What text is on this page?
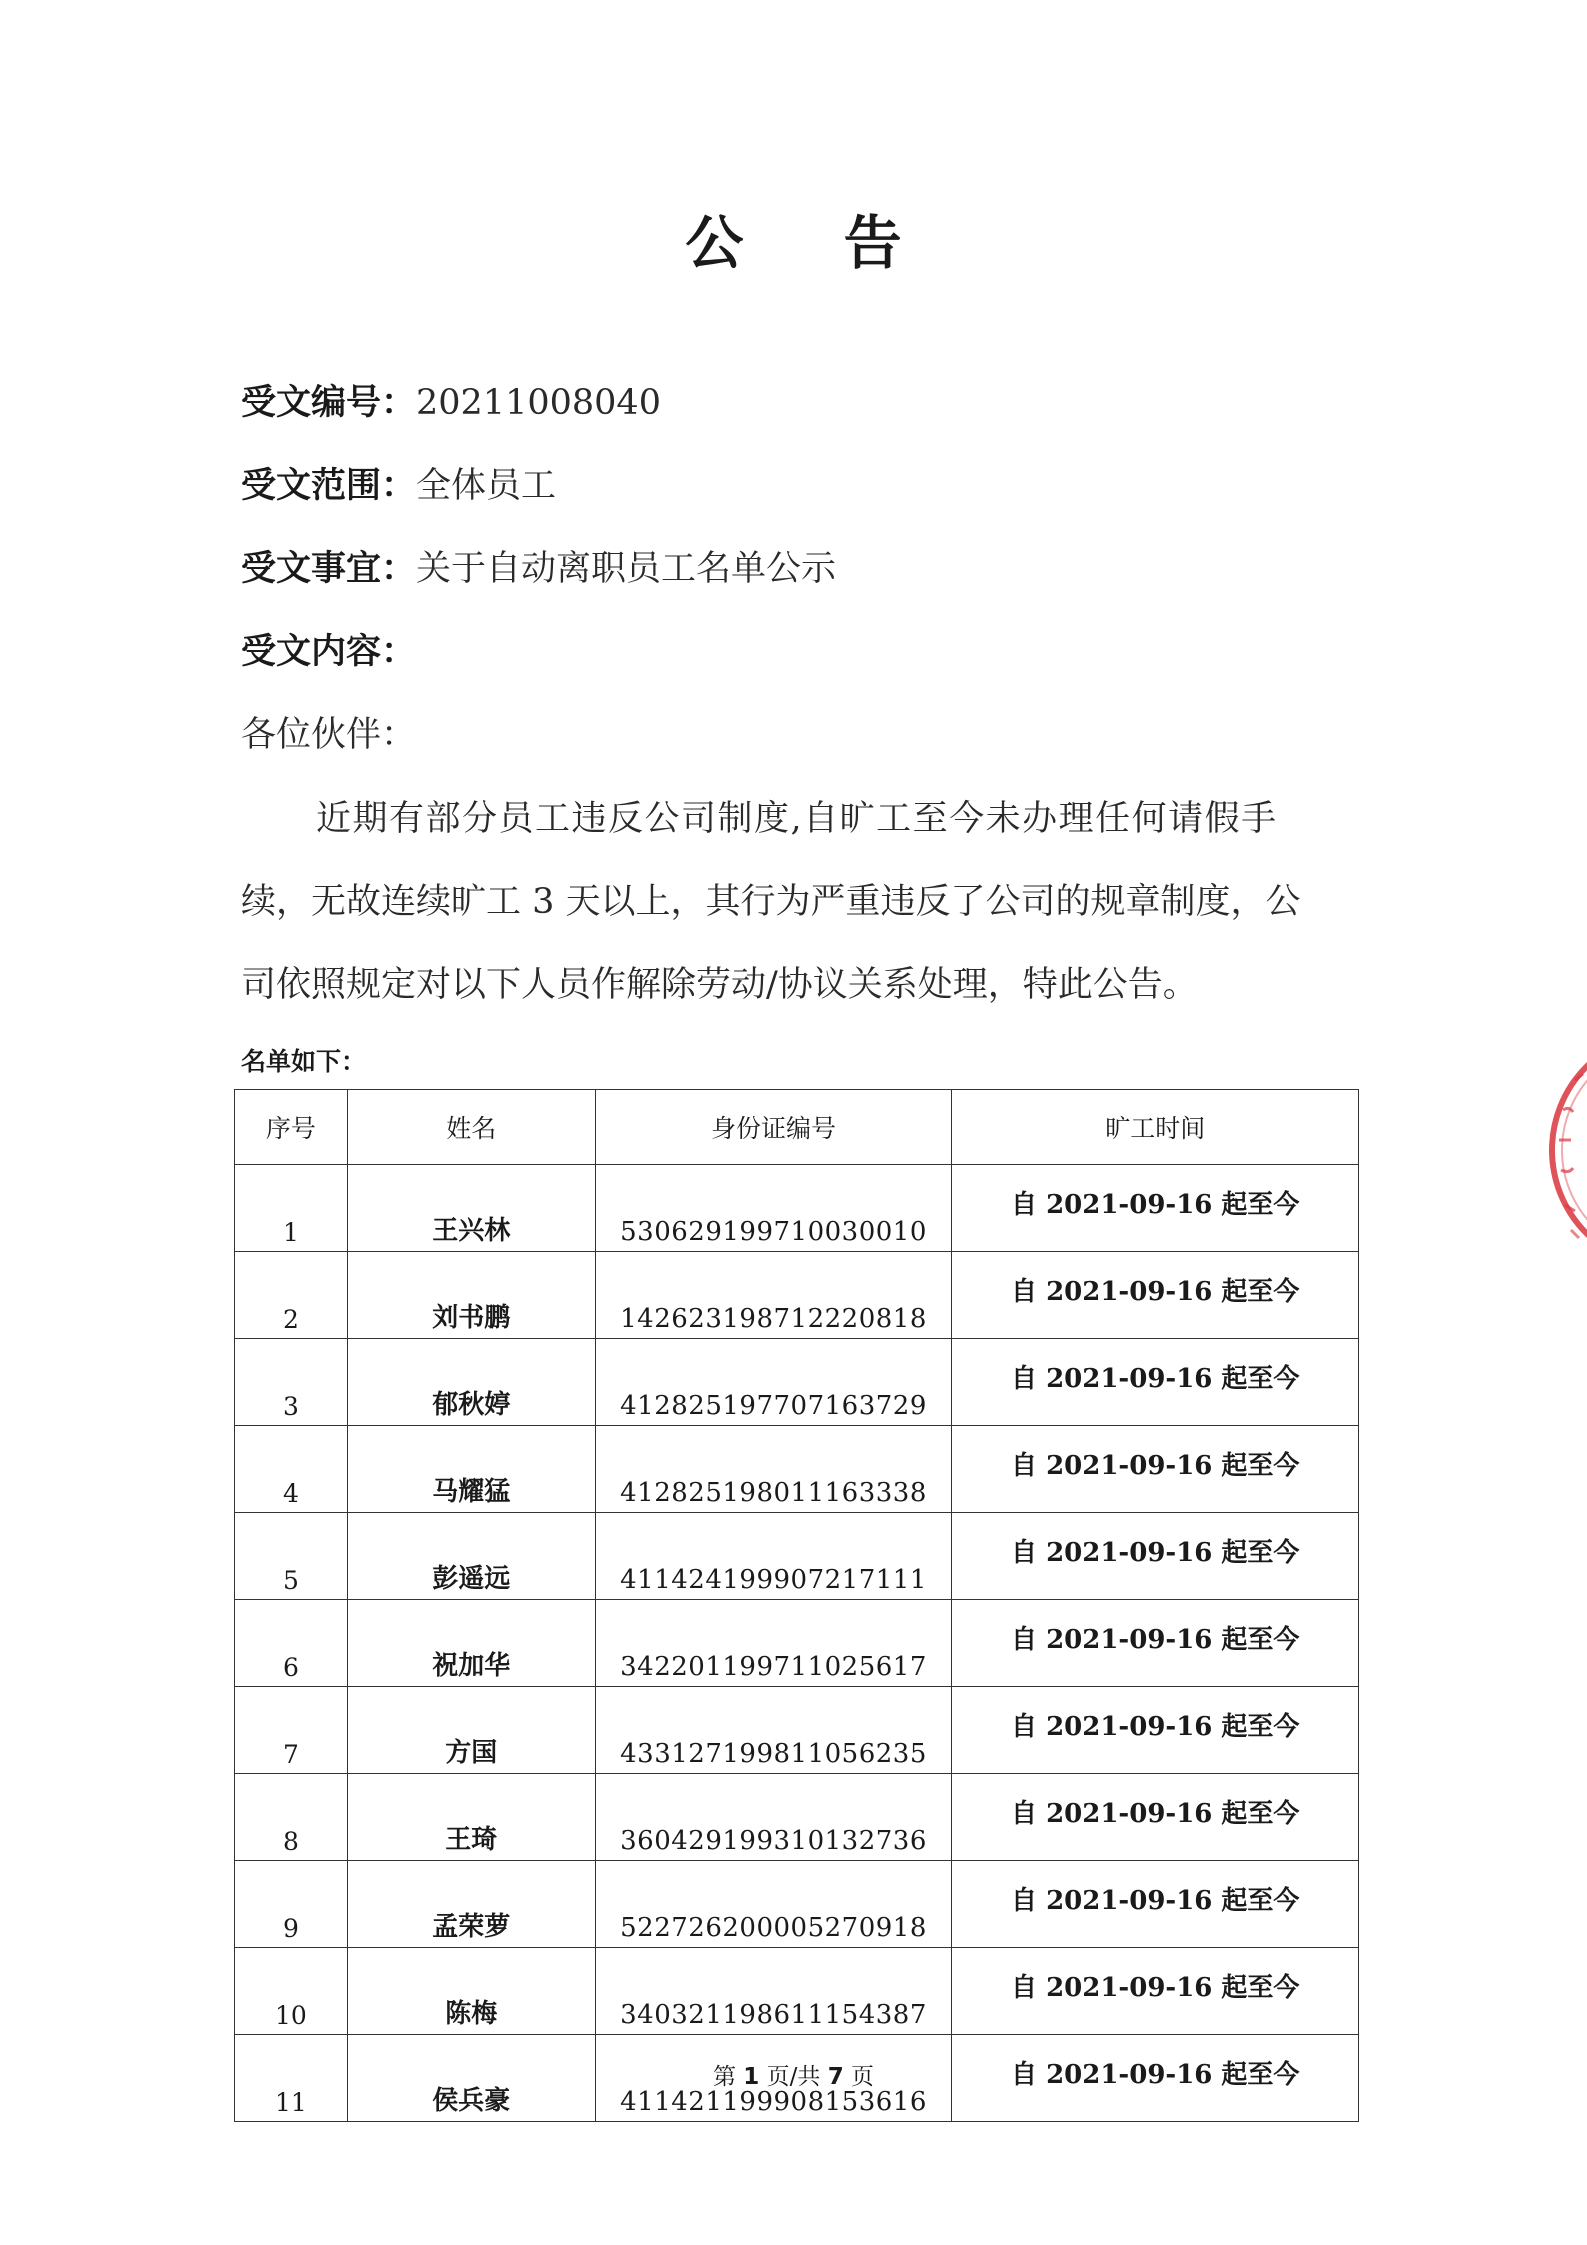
公 告
受文编号：20211008040
受文范围：全体员工
受文事宜：关于自动离职员工名单公示
受文内容：
各位伙伴：
近期有部分员工违反公司制度,自旷工至今未办理任何请假手
续，无故连续旷工 3 天以上，其行为严重违反了公司的规章制度，公
司依照规定对以下人员作解除劳动/协议关系处理，特此公告。
名单如下：
序号	姓名	身份证编号	旷工时间
1	王兴林	530629199710030010	自 2021-09-16 起至今
2	刘书鹏	142623198712220818	自 2021-09-16 起至今
3	郁秋婷	412825197707163729	自 2021-09-16 起至今
4	马耀猛	412825198011163338	自 2021-09-16 起至今
5	彭遥远	411424199907217111	自 2021-09-16 起至今
6	祝加华	342201199711025617	自 2021-09-16 起至今
7	方国	433127199811056235	自 2021-09-16 起至今
8	王琦	360429199310132736	自 2021-09-16 起至今
9	孟荣萝	522726200005270918	自 2021-09-16 起至今
10	陈梅	340321198611154387	自 2021-09-16 起至今
11	侯兵豪	411421199908153616	自 2021-09-16 起至今
第 1 页/共 7 页
